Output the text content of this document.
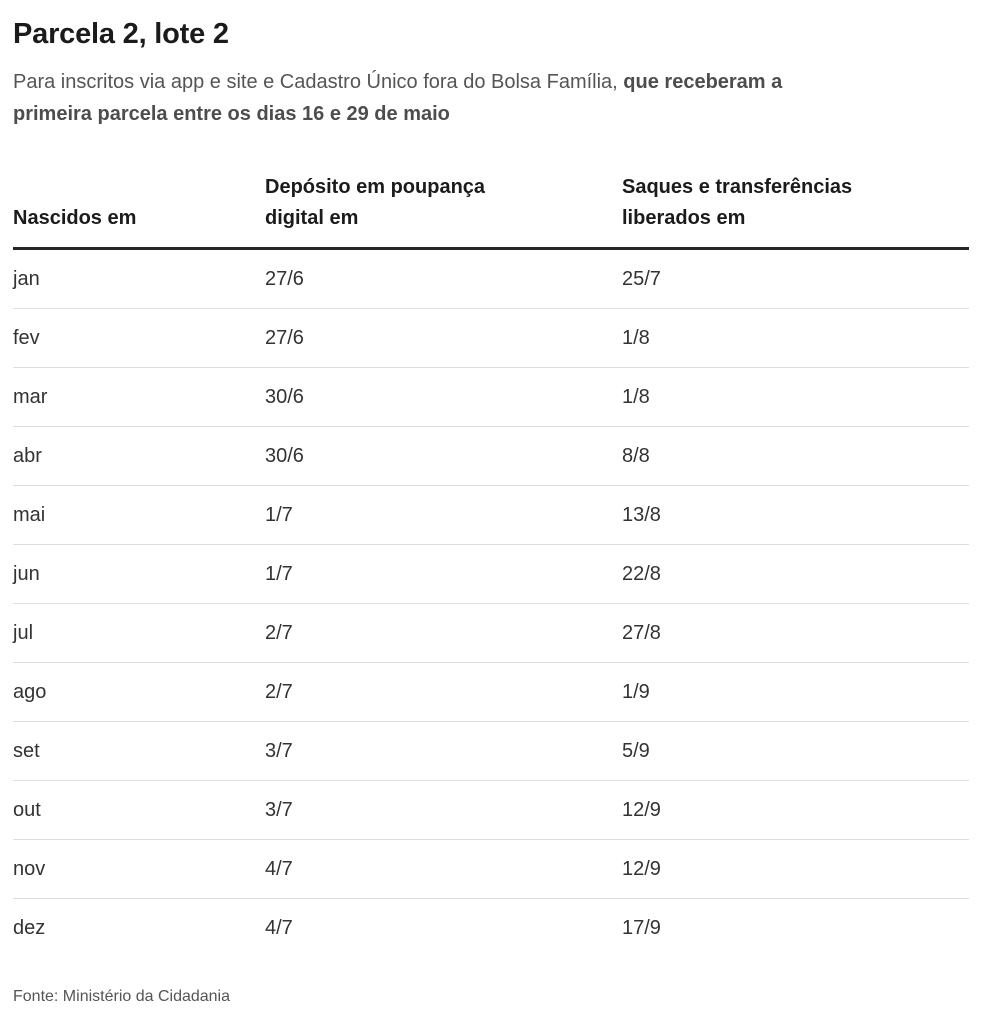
Parcela 2, lote 2

Para inscritos via app e site e Cadastro Único fora do Bolsa Família, que receberam a
primeira parcela entre os dias 16 e 29 de maio

Nascidos em
Depósito em poupança
digital em
Saques e transferências
liberados em
jan	27/6	25/7
fev	27/6	1/8
mar	30/6	1/8
abr	30/6	8/8
mai	1/7	13/8
jun	1/7	22/8
jul	2/7	27/8
ago	2/7	1/9
set	3/7	5/9
out	3/7	12/9
nov	4/7	12/9
dez	4/7	17/9

Fonte: Ministério da Cidadania
